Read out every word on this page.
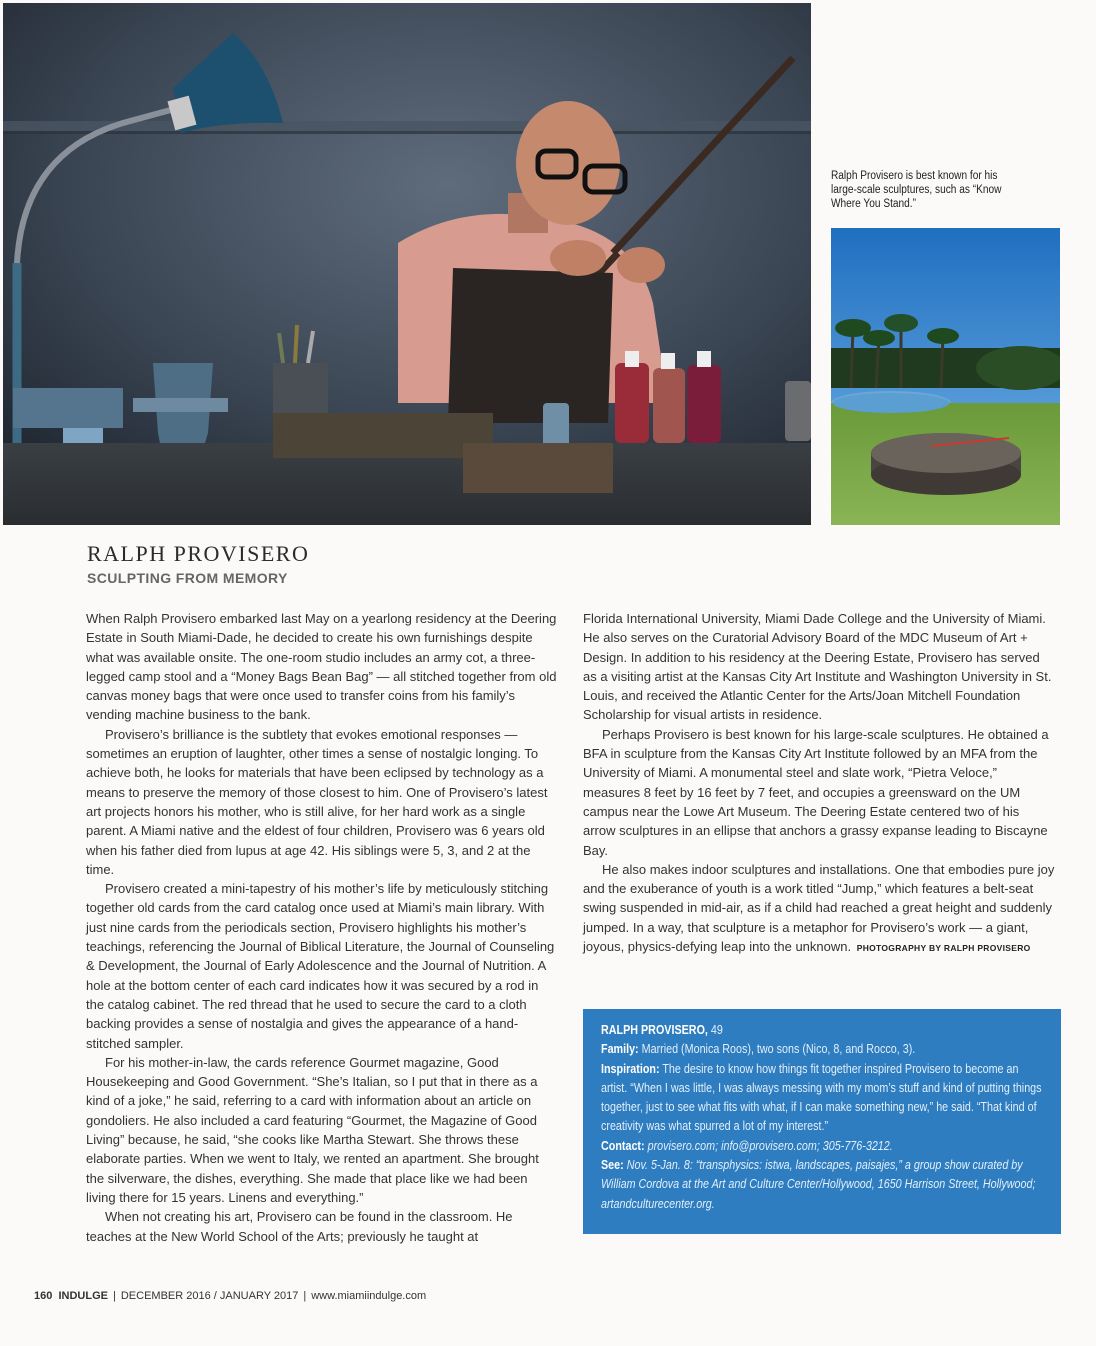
Ralph Provisero is best known for his large-scale sculptures, such as “Know Where You Stand.”

RALPH PROVISERO
SCULPTING FROM MEMORY

When Ralph Provisero embarked last May on a yearlong residency at the Deering Estate in South Miami-Dade, he decided to create his own furnishings despite what was available onsite. The one-room studio includes an army cot, a three-legged camp stool and a “Money Bags Bean Bag” — all stitched together from old canvas money bags that were once used to transfer coins from his family’s vending machine business to the bank.

Provisero’s brilliance is the subtlety that evokes emotional responses — sometimes an eruption of laughter, other times a sense of nostalgic longing. To achieve both, he looks for materials that have been eclipsed by technology as a means to preserve the memory of those closest to him. One of Provisero’s latest art projects honors his mother, who is still alive, for her hard work as a single parent. A Miami native and the eldest of four children, Provisero was 6 years old when his father died from lupus at age 42. His siblings were 5, 3, and 2 at the time.

Provisero created a mini-tapestry of his mother’s life by meticulously stitching together old cards from the card catalog once used at Miami’s main library. With just nine cards from the periodicals section, Provisero highlights his mother’s teachings, referencing the Journal of Biblical Literature, the Journal of Counseling & Development, the Journal of Early Adolescence and the Journal of Nutrition. A hole at the bottom center of each card indicates how it was secured by a rod in the catalog cabinet. The red thread that he used to secure the card to a cloth backing provides a sense of nostalgia and gives the appearance of a hand-stitched sampler.

For his mother-in-law, the cards reference Gourmet magazine, Good Housekeeping and Good Government. “She’s Italian, so I put that in there as a kind of a joke,” he said, referring to a card with information about an article on gondoliers. He also included a card featuring “Gourmet, the Magazine of Good Living” because, he said, “she cooks like Martha Stewart. She throws these elaborate parties. When we went to Italy, we rented an apartment. She brought the silverware, the dishes, everything. She made that place like we had been living there for 15 years. Linens and everything.”

When not creating his art, Provisero can be found in the classroom. He teaches at the New World School of the Arts; previously he taught at

Florida International University, Miami Dade College and the University of Miami. He also serves on the Curatorial Advisory Board of the MDC Museum of Art + Design. In addition to his residency at the Deering Estate, Provisero has served as a visiting artist at the Kansas City Art Institute and Washington University in St. Louis, and received the Atlantic Center for the Arts/Joan Mitchell Foundation Scholarship for visual artists in residence.

Perhaps Provisero is best known for his large-scale sculptures. He obtained a BFA in sculpture from the Kansas City Art Institute followed by an MFA from the University of Miami. A monumental steel and slate work, “Pietra Veloce,” measures 8 feet by 16 feet by 7 feet, and occupies a greensward on the UM campus near the Lowe Art Museum. The Deering Estate centered two of his arrow sculptures in an ellipse that anchors a grassy expanse leading to Biscayne Bay.

He also makes indoor sculptures and installations. One that embodies pure joy and the exuberance of youth is a work titled “Jump,” which features a belt-seat swing suspended in mid-air, as if a child had reached a great height and suddenly jumped. In a way, that sculpture is a metaphor for Provisero’s work — a giant, joyous, physics-defying leap into the unknown. PHOTOGRAPHY BY RALPH PROVISERO

RALPH PROVISERO, 49

Family: Married (Monica Roos), two sons (Nico, 8, and Rocco, 3).

Inspiration: The desire to know how things fit together inspired Provisero to become an artist. “When I was little, I was always messing with my mom’s stuff and kind of putting things together, just to see what fits with what, if I can make something new,” he said. “That kind of creativity was what spurred a lot of my interest.”

Contact: provisero.com; info@provisero.com; 305-776-3212.

See: Nov. 5-Jan. 8: “transphysics: istwa, landscapes, paisajes,” a group show curated by William Cordova at the Art and Culture Center/Hollywood, 1650 Harrison Street, Hollywood; artandculturecenter.org.

160 INDULGE | DECEMBER 2016 / JANUARY 2017 | www.miamiindulge.com
